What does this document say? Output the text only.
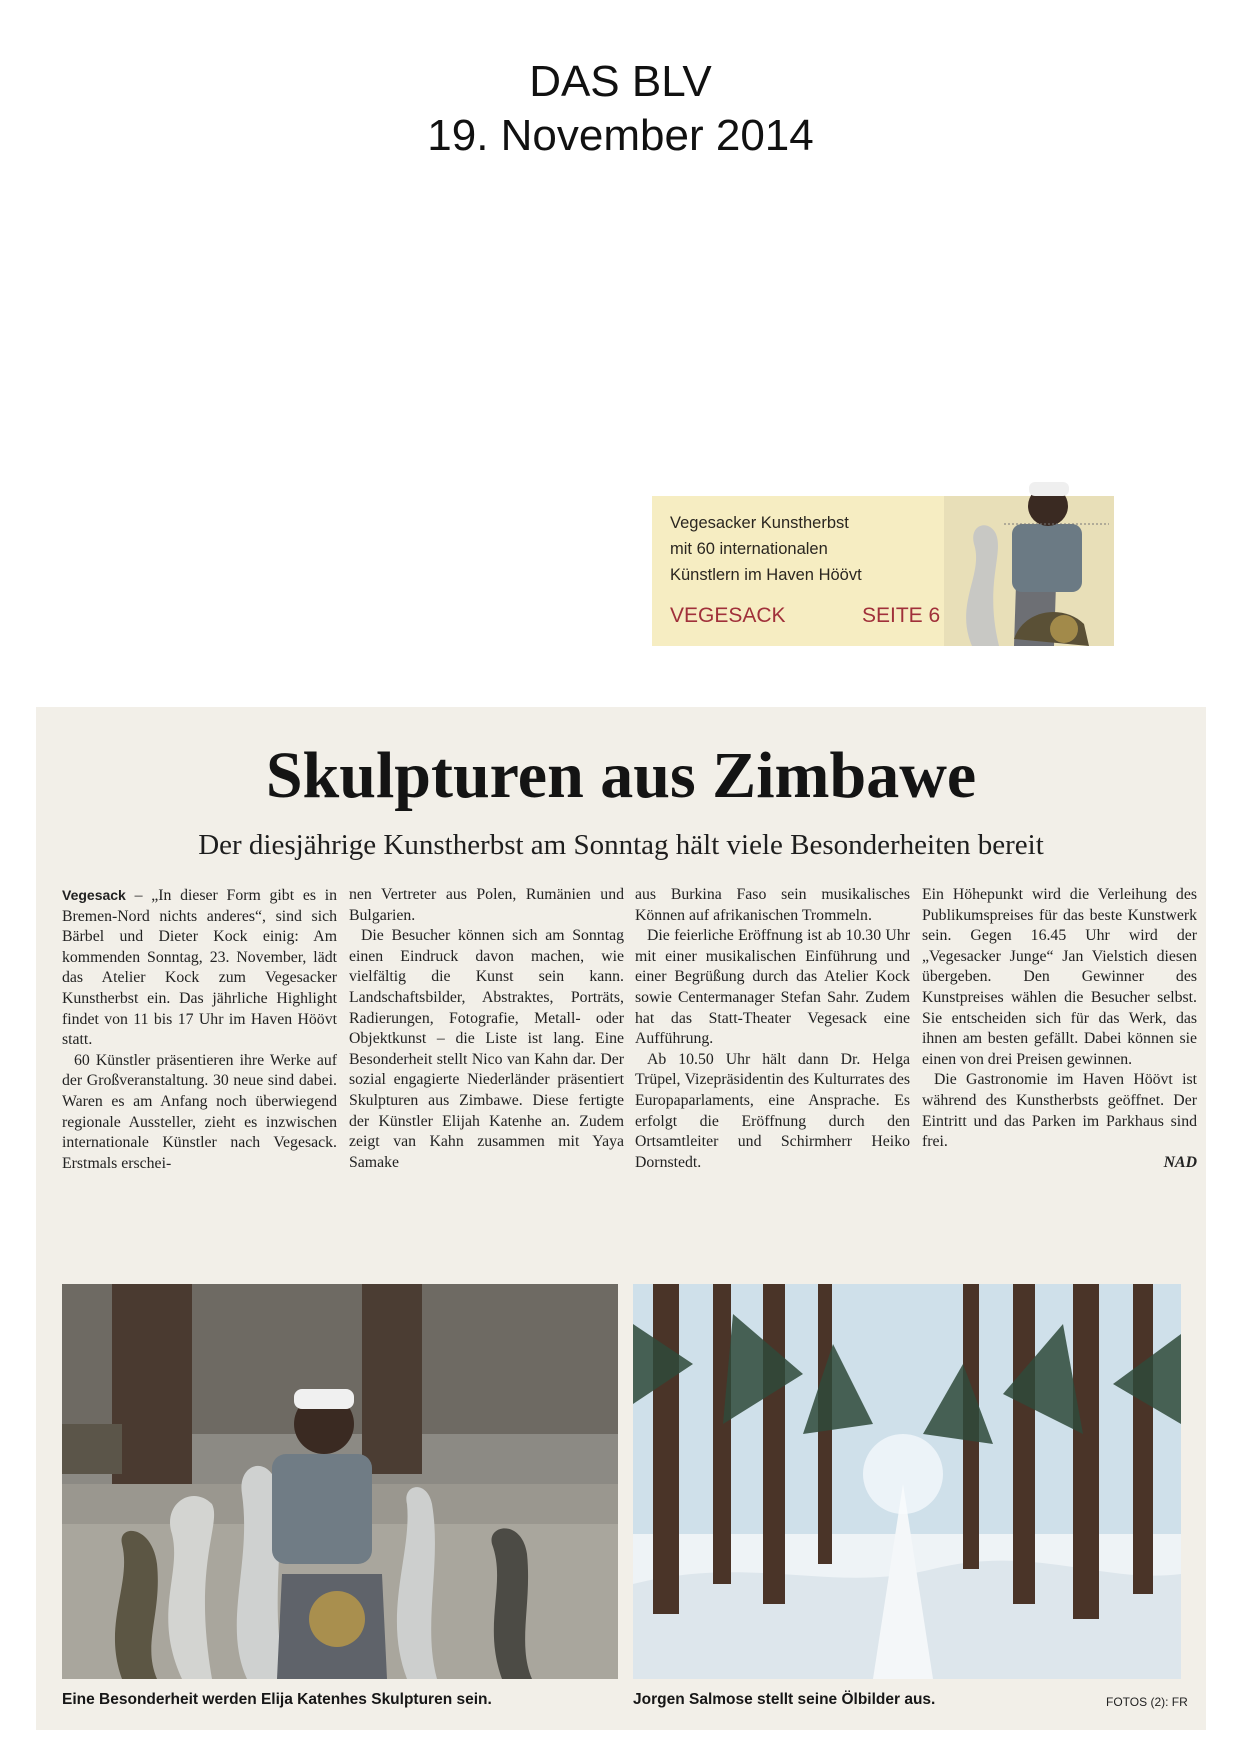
DAS BLV
19. November 2014
Vegesacker Kunstherbst
mit 60 internationalen
Künstlern im Haven Höövt
VEGESACK	SEITE 6
Skulpturen aus Zimbawe
Der diesjährige Kunstherbst am Sonntag hält viele Besonderheiten bereit

Vegesack – „In dieser Form gibt es in Bremen-Nord nichts anderes“, sind sich Bärbel und Dieter Kock einig: Am kommenden Sonntag, 23. November, lädt das Atelier Kock zum Vegesacker Kunstherbst ein. Das jährliche Highlight findet von 11 bis 17 Uhr im Haven Höövt statt.

60 Künstler präsentieren ihre Werke auf der Großveranstaltung. 30 neue sind dabei. Waren es am Anfang noch überwiegend regionale Aussteller, zieht es inzwischen internationale Künstler nach Vegesack. Erstmals erschei-

nen Vertreter aus Polen, Rumänien und Bulgarien.

Die Besucher können sich am Sonntag einen Eindruck davon machen, wie vielfältig die Kunst sein kann. Landschaftsbilder, Abstraktes, Porträts, Radierungen, Fotografie, Metall- oder Objektkunst – die Liste ist lang. Eine Besonderheit stellt Nico van Kahn dar. Der sozial engagierte Niederländer präsentiert Skulpturen aus Zimbawe. Diese fertigte der Künstler Elijah Katenhe an. Zudem zeigt van Kahn zusammen mit Yaya Samake

aus Burkina Faso sein musikalisches Können auf afrikanischen Trommeln.

Die feierliche Eröffnung ist ab 10.30 Uhr mit einer musikalischen Einführung und einer Begrüßung durch das Atelier Kock sowie Centermanager Stefan Sahr. Zudem hat das Statt-Theater Vegesack eine Aufführung.

Ab 10.50 Uhr hält dann Dr. Helga Trüpel, Vizepräsidentin des Kulturrates des Europaparlaments, eine Ansprache. Es erfolgt die Eröffnung durch den Ortsamtleiter und Schirmherr Heiko Dornstedt.

Ein Höhepunkt wird die Verleihung des Publikumspreises für das beste Kunstwerk sein. Gegen 16.45 Uhr wird der „Vegesacker Junge“ Jan Vielstich diesen übergeben. Den Gewinner des Kunstpreises wählen die Besucher selbst. Sie entscheiden sich für das Werk, das ihnen am besten gefällt. Dabei können sie einen von drei Preisen gewinnen.

Die Gastronomie im Haven Höövt ist während des Kunstherbsts geöffnet. Der Eintritt und das Parken im Parkhaus sind frei.

NAD
Eine Besonderheit werden Elija Katenhes Skulpturen sein.	Jorgen Salmose stellt seine Ölbilder aus.	FOTOS (2): FR
